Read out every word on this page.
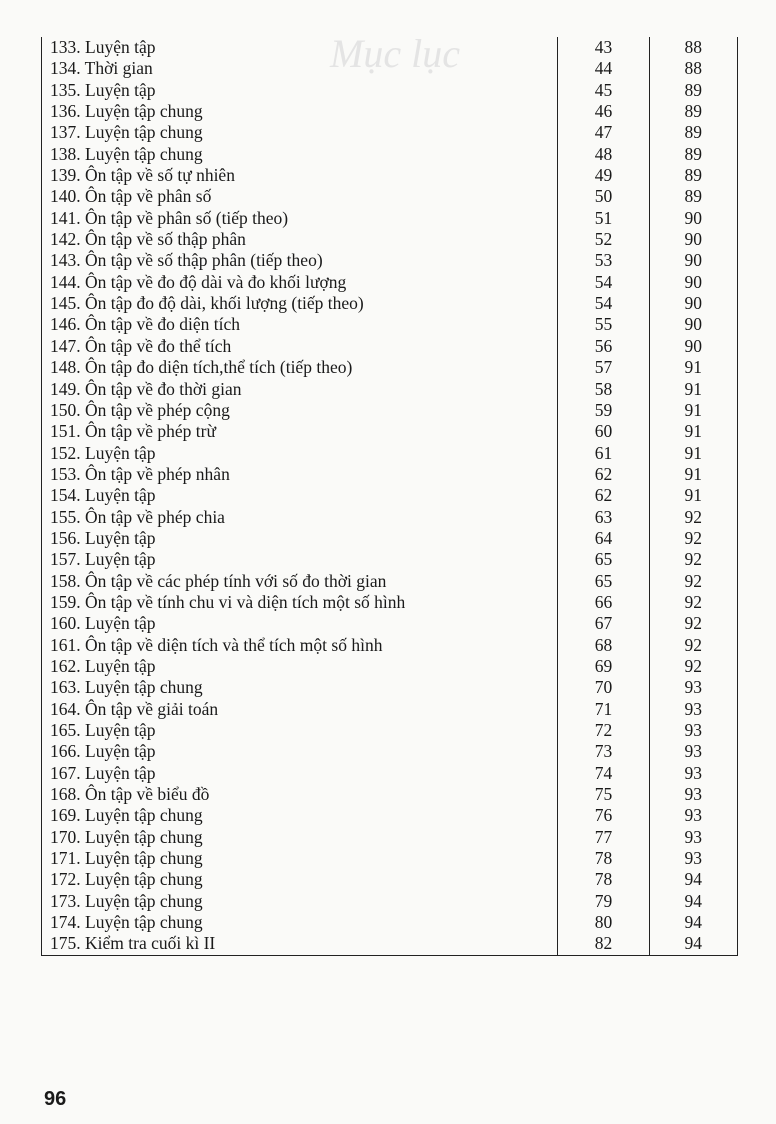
Mục lục
133. Luyện tập	43	88
134. Thời gian	44	88
135. Luyện tập	45	89
136. Luyện tập chung	46	89
137. Luyện tập chung	47	89
138. Luyện tập chung	48	89
139. Ôn tập về số tự nhiên	49	89
140. Ôn tập về phân số	50	89
141. Ôn tập về phân số (tiếp theo)	51	90
142. Ôn tập về số thập phân	52	90
143. Ôn tập về số thập phân (tiếp theo)	53	90
144. Ôn tập về đo độ dài và đo khối lượng	54	90
145. Ôn tập đo độ dài, khối lượng (tiếp theo)	54	90
146. Ôn tập về đo diện tích	55	90
147. Ôn tập về đo thể tích	56	90
148. Ôn tập đo diện tích,thể tích (tiếp theo)	57	91
149. Ôn tập về đo thời gian	58	91
150. Ôn tập về phép cộng	59	91
151. Ôn tập về phép trừ	60	91
152. Luyện tập	61	91
153. Ôn tập về phép nhân	62	91
154. Luyện tập	62	91
155. Ôn tập về phép chia	63	92
156. Luyện tập	64	92
157. Luyện tập	65	92
158. Ôn tập về các phép tính với số đo thời gian	65	92
159. Ôn tập về tính chu vi và diện tích một số hình	66	92
160. Luyện tập	67	92
161. Ôn tập về diện tích và thể tích một số hình	68	92
162. Luyện tập	69	92
163. Luyện tập chung	70	93
164. Ôn tập về giải toán	71	93
165. Luyện tập	72	93
166. Luyện tập	73	93
167. Luyện tập	74	93
168. Ôn tập về biểu đồ	75	93
169. Luyện tập chung	76	93
170. Luyện tập chung	77	93
171. Luyện tập chung	78	93
172. Luyện tập chung	78	94
173. Luyện tập chung	79	94
174. Luyện tập chung	80	94
175. Kiểm tra cuối kì II	82	94
96
